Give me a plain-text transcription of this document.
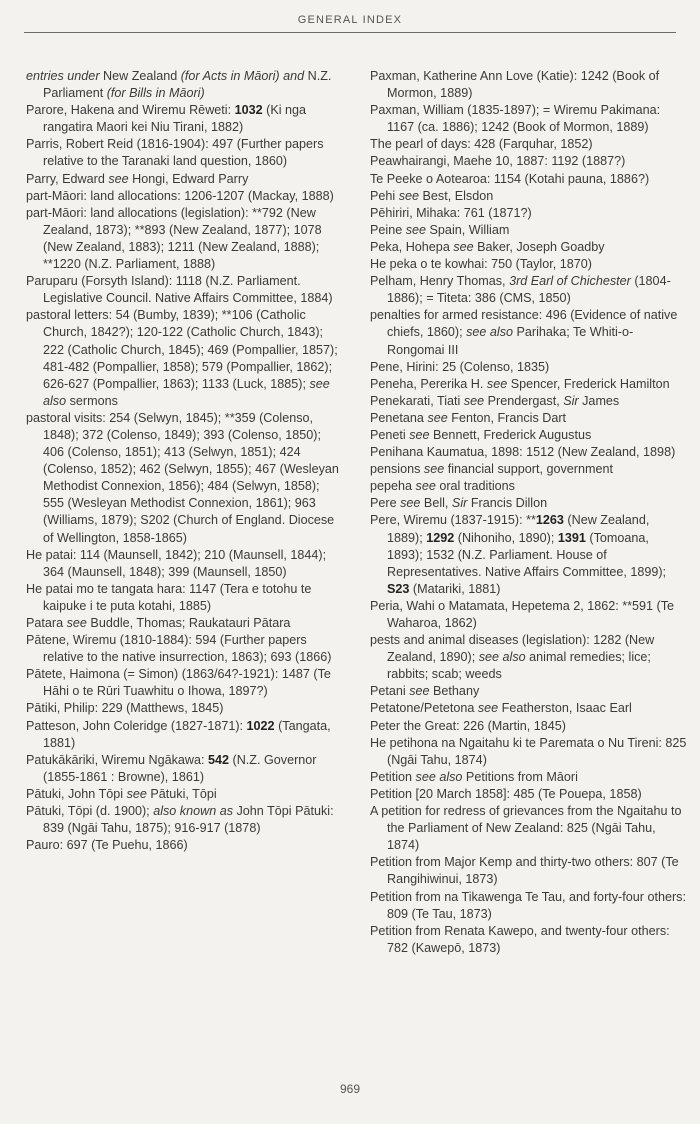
GENERAL INDEX

entries under New Zealand (for Acts in Māori) and N.Z. Parliament (for Bills in Māori)

Parore, Hakena and Wiremu Rēweti: 1032 (Ki nga rangatira Maori kei Niu Tirani, 1882)

Parris, Robert Reid (1816-1904): 497 (Further papers relative to the Taranaki land question, 1860)

Parry, Edward see Hongi, Edward Parry

part-Māori: land allocations: 1206-1207 (Mackay, 1888)

part-Māori: land allocations (legislation): **792 (New Zealand, 1873); **893 (New Zealand, 1877); 1078 (New Zealand, 1883); 1211 (New Zealand, 1888); **1220 (N.Z. Parliament, 1888)

Paruparu (Forsyth Island): 1118 (N.Z. Parliament. Legislative Council. Native Affairs Committee, 1884)

pastoral letters: 54 (Bumby, 1839); **106 (Catholic Church, 1842?); 120-122 (Catholic Church, 1843); 222 (Catholic Church, 1845); 469 (Pompallier, 1857); 481-482 (Pompallier, 1858); 579 (Pompallier, 1862); 626-627 (Pompallier, 1863); 1133 (Luck, 1885); see also sermons

pastoral visits: 254 (Selwyn, 1845); **359 (Colenso, 1848); 372 (Colenso, 1849); 393 (Colenso, 1850); 406 (Colenso, 1851); 413 (Selwyn, 1851); 424 (Colenso, 1852); 462 (Selwyn, 1855); 467 (Wesleyan Methodist Connexion, 1856); 484 (Selwyn, 1858); 555 (Wesleyan Methodist Connexion, 1861); 963 (Williams, 1879); S202 (Church of England. Diocese of Wellington, 1858-1865)

He patai: 114 (Maunsell, 1842); 210 (Maunsell, 1844); 364 (Maunsell, 1848); 399 (Maunsell, 1850)

He patai mo te tangata hara: 1147 (Tera e totohu te kaipuke i te puta kotahi, 1885)

Patara see Buddle, Thomas; Raukatauri Pātara

Pātene, Wiremu (1810-1884): 594 (Further papers relative to the native insurrection, 1863); 693 (1866)

Pātete, Haimona (= Simon) (1863/64?-1921): 1487 (Te Hāhi o te Rūri Tuawhitu o Ihowa, 1897?)

Pātiki, Philip: 229 (Matthews, 1845)

Patteson, John Coleridge (1827-1871): 1022 (Tangata, 1881)

Patukākāriki, Wiremu Ngākawa: 542 (N.Z. Governor (1855-1861 : Browne), 1861)

Pātuki, John Tōpi see Pātuki, Tōpi

Pātuki, Tōpi (d. 1900); also known as John Tōpi Pātuki: 839 (Ngāi Tahu, 1875); 916-917 (1878)

Pauro: 697 (Te Puehu, 1866)

Paxman, Katherine Ann Love (Katie): 1242 (Book of Mormon, 1889)

Paxman, William (1835-1897); = Wiremu Pakimana: 1167 (ca. 1886); 1242 (Book of Mormon, 1889)

The pearl of days: 428 (Farquhar, 1852)

Peawhairangi, Maehe 10, 1887: 1192 (1887?)

Te Peeke o Aotearoa: 1154 (Kotahi pauna, 1886?)

Pehi see Best, Elsdon

Pēhiriri, Mihaka: 761 (1871?)

Peine see Spain, William

Peka, Hohepa see Baker, Joseph Goadby

He peka o te kowhai: 750 (Taylor, 1870)

Pelham, Henry Thomas, 3rd Earl of Chichester (1804-1886); = Titeta: 386 (CMS, 1850)

penalties for armed resistance: 496 (Evidence of native chiefs, 1860); see also Parihaka; Te Whiti-o-Rongomai III

Pene, Hirini: 25 (Colenso, 1835)

Peneha, Pererika H. see Spencer, Frederick Hamilton

Penekarati, Tiati see Prendergast, Sir James

Penetana see Fenton, Francis Dart

Peneti see Bennett, Frederick Augustus

Penihana Kaumatua, 1898: 1512 (New Zealand, 1898)

pensions see financial support, government

pepeha see oral traditions

Pere see Bell, Sir Francis Dillon

Pere, Wiremu (1837-1915): **1263 (New Zealand, 1889); 1292 (Nihoniho, 1890); 1391 (Tomoana, 1893); 1532 (N.Z. Parliament. House of Representatives. Native Affairs Committee, 1899); S23 (Matariki, 1881)

Peria, Wahi o Matamata, Hepetema 2, 1862: **591 (Te Waharoa, 1862)

pests and animal diseases (legislation): 1282 (New Zealand, 1890); see also animal remedies; lice; rabbits; scab; weeds

Petani see Bethany

Petatone/Petetona see Featherston, Isaac Earl

Peter the Great: 226 (Martin, 1845)

He petihona na Ngaitahu ki te Paremata o Nu Tireni: 825 (Ngāi Tahu, 1874)

Petition see also Petitions from Māori

Petition [20 March 1858]: 485 (Te Pouepa, 1858)

A petition for redress of grievances from the Ngaitahu to the Parliament of New Zealand: 825 (Ngāi Tahu, 1874)

Petition from Major Kemp and thirty-two others: 807 (Te Rangihiwinui, 1873)

Petition from na Tikawenga Te Tau, and forty-four others: 809 (Te Tau, 1873)

Petition from Renata Kawepo, and twenty-four others: 782 (Kawepō, 1873)

969
